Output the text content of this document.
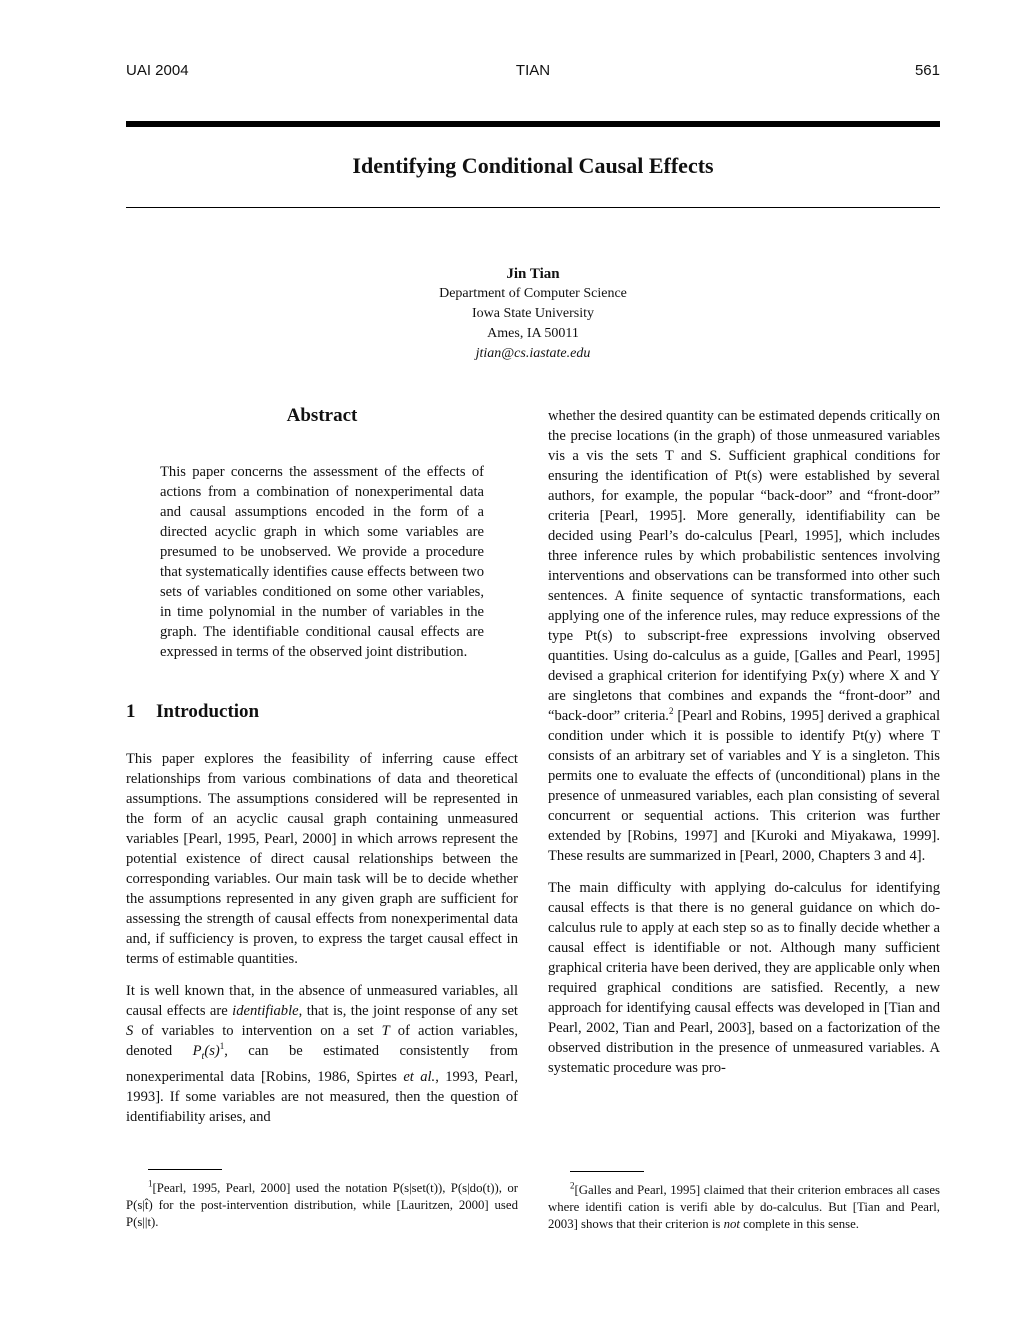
UAI 2004	TIAN	561
Identifying Conditional Causal Effects
Jin Tian
Department of Computer Science
Iowa State University
Ames, IA 50011
jtian@cs.iastate.edu
Abstract
This paper concerns the assessment of the effects of actions from a combination of nonexperimental data and causal assumptions encoded in the form of a directed acyclic graph in which some variables are presumed to be unobserved. We provide a procedure that systematically identifies cause effects between two sets of variables conditioned on some other variables, in time polynomial in the number of variables in the graph. The identifiable conditional causal effects are expressed in terms of the observed joint distribution.
1 Introduction

This paper explores the feasibility of inferring cause effect relationships from various combinations of data and theoretical assumptions. The assumptions considered will be represented in the form of an acyclic causal graph containing unmeasured variables [Pearl, 1995, Pearl, 2000] in which arrows represent the potential existence of direct causal relationships between the corresponding variables. Our main task will be to decide whether the assumptions represented in any given graph are sufficient for assessing the strength of causal effects from nonexperimental data and, if sufficiency is proven, to express the target causal effect in terms of estimable quantities.

It is well known that, in the absence of unmeasured variables, all causal effects are identifiable, that is, the joint response of any set S of variables to intervention on a set T of action variables, denoted $P_t(s)^1$, can be estimated consistently from nonexperimental data [Robins, 1986, Spirtes et al., 1993, Pearl, 1993]. If some variables are not measured, then the question of identifiability arises, and

$^1$[Pearl, 1995, Pearl, 2000] used the notation P(s|set(t)), P(s|do(t)), or P(s|t̂) for the post-intervention distribution, while [Lauritzen, 2000] used P(s||t).

whether the desired quantity can be estimated depends critically on the precise locations (in the graph) of those unmeasured variables vis a vis the sets T and S. Sufficient graphical conditions for ensuring the identification of Pt(s) were established by several authors, for example, the popular “back-door” and “front-door” criteria [Pearl, 1995]. More generally, identifiability can be decided using Pearl’s do-calculus [Pearl, 1995], which includes three inference rules by which probabilistic sentences involving interventions and observations can be transformed into other such sentences. A finite sequence of syntactic transformations, each applying one of the inference rules, may reduce expressions of the type Pt(s) to subscript-free expressions involving observed quantities. Using do-calculus as a guide, [Galles and Pearl, 1995] devised a graphical criterion for identifying Px(y) where X and Y are singletons that combines and expands the “front-door” and “back-door” criteria.$^2$ [Pearl and Robins, 1995] derived a graphical condition under which it is possible to identify Pt(y) where T consists of an arbitrary set of variables and Y is a singleton. This permits one to evaluate the effects of (unconditional) plans in the presence of unmeasured variables, each plan consisting of several concurrent or sequential actions. This criterion was further extended by [Robins, 1997] and [Kuroki and Miyakawa, 1999]. These results are summarized in [Pearl, 2000, Chapters 3 and 4].

The main difficulty with applying do-calculus for identifying causal effects is that there is no general guidance on which do-calculus rule to apply at each step so as to finally decide whether a causal effect is identifiable or not. Although many sufficient graphical criteria have been derived, they are applicable only when required graphical conditions are satisfied. Recently, a new approach for identifying causal effects was developed in [Tian and Pearl, 2002, Tian and Pearl, 2003], based on a factorization of the observed distribution in the presence of unmeasured variables. A systematic procedure was pro-

$^2$[Galles and Pearl, 1995] claimed that their criterion embraces all cases where identifi cation is verifi able by do-calculus. But [Tian and Pearl, 2003] shows that their criterion is not complete in this sense.
